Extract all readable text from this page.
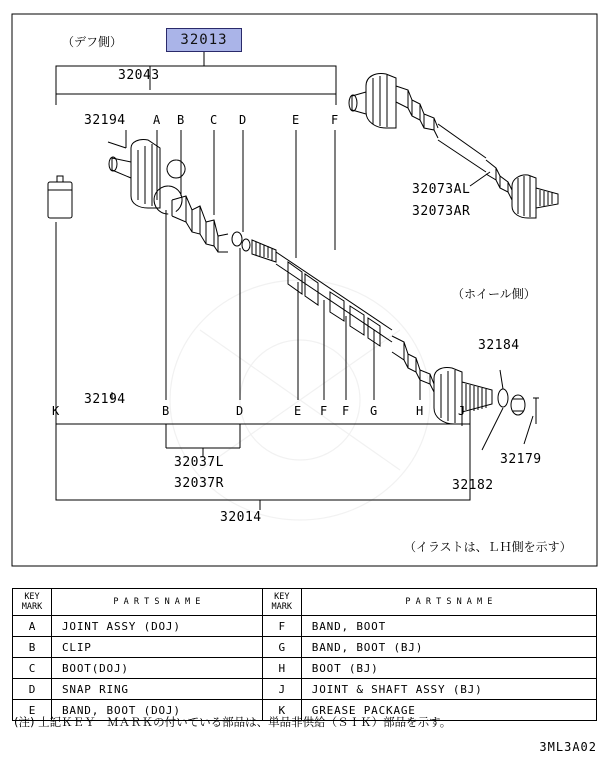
32013
（デフ側）
32043
32194 A B C D	E	F
32073AL
32073AR
（ホイール側）
32184
32179
32182
32194
K	B	D	E F F G	H	J
32037L
32037R
32014
（イラストは、ＬＨ側を示す）
KEY
MARK	P A R T S N A M E	KEY
MARK	P A R T S N A M E
A	JOINT ASSY (DOJ)	F	BAND, BOOT
B	CLIP	G	BAND, BOOT (BJ)
C	BOOT(DOJ)	H	BOOT (BJ)
D	SNAP RING	J	JOINT & SHAFT ASSY (BJ)
E	BAND, BOOT (DOJ)	K	GREASE PACKAGE
(注) 上記ＫＥＹ　ＭＡＲＫの付いている部品は、単品非供給（ＳＩＫ）部品を示す。
3ML3A02
